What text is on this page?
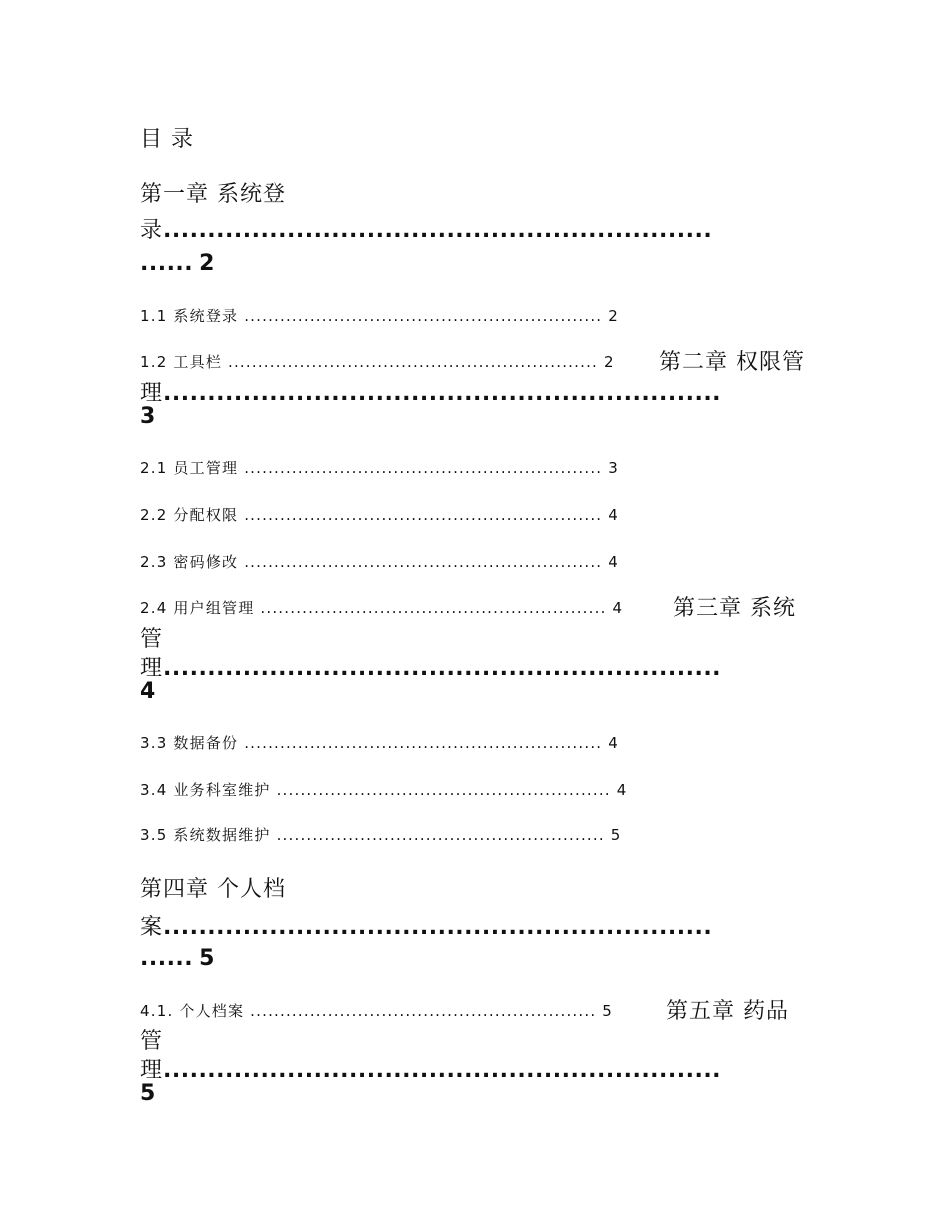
目 录
第一章 系统登
录..............................................................
...... 2
1.1 系统登录 ............................................................ 2
1.2 工具栏 .............................................................. 2 第二章 权限管
理...............................................................
3
2.1 员工管理 ............................................................ 3
2.2 分配权限 ............................................................ 4
2.3 密码修改 ............................................................ 4
2.4 用户组管理 .......................................................... 4 第三章 系统
管
理...............................................................
4
3.3 数据备份 ............................................................ 4
3.4 业务科室维护 ........................................................ 4
3.5 系统数据维护 ....................................................... 5
第四章 个人档
案..............................................................
...... 5
4.1. 个人档案 .......................................................... 5 第五章 药品
管
理...............................................................
5
